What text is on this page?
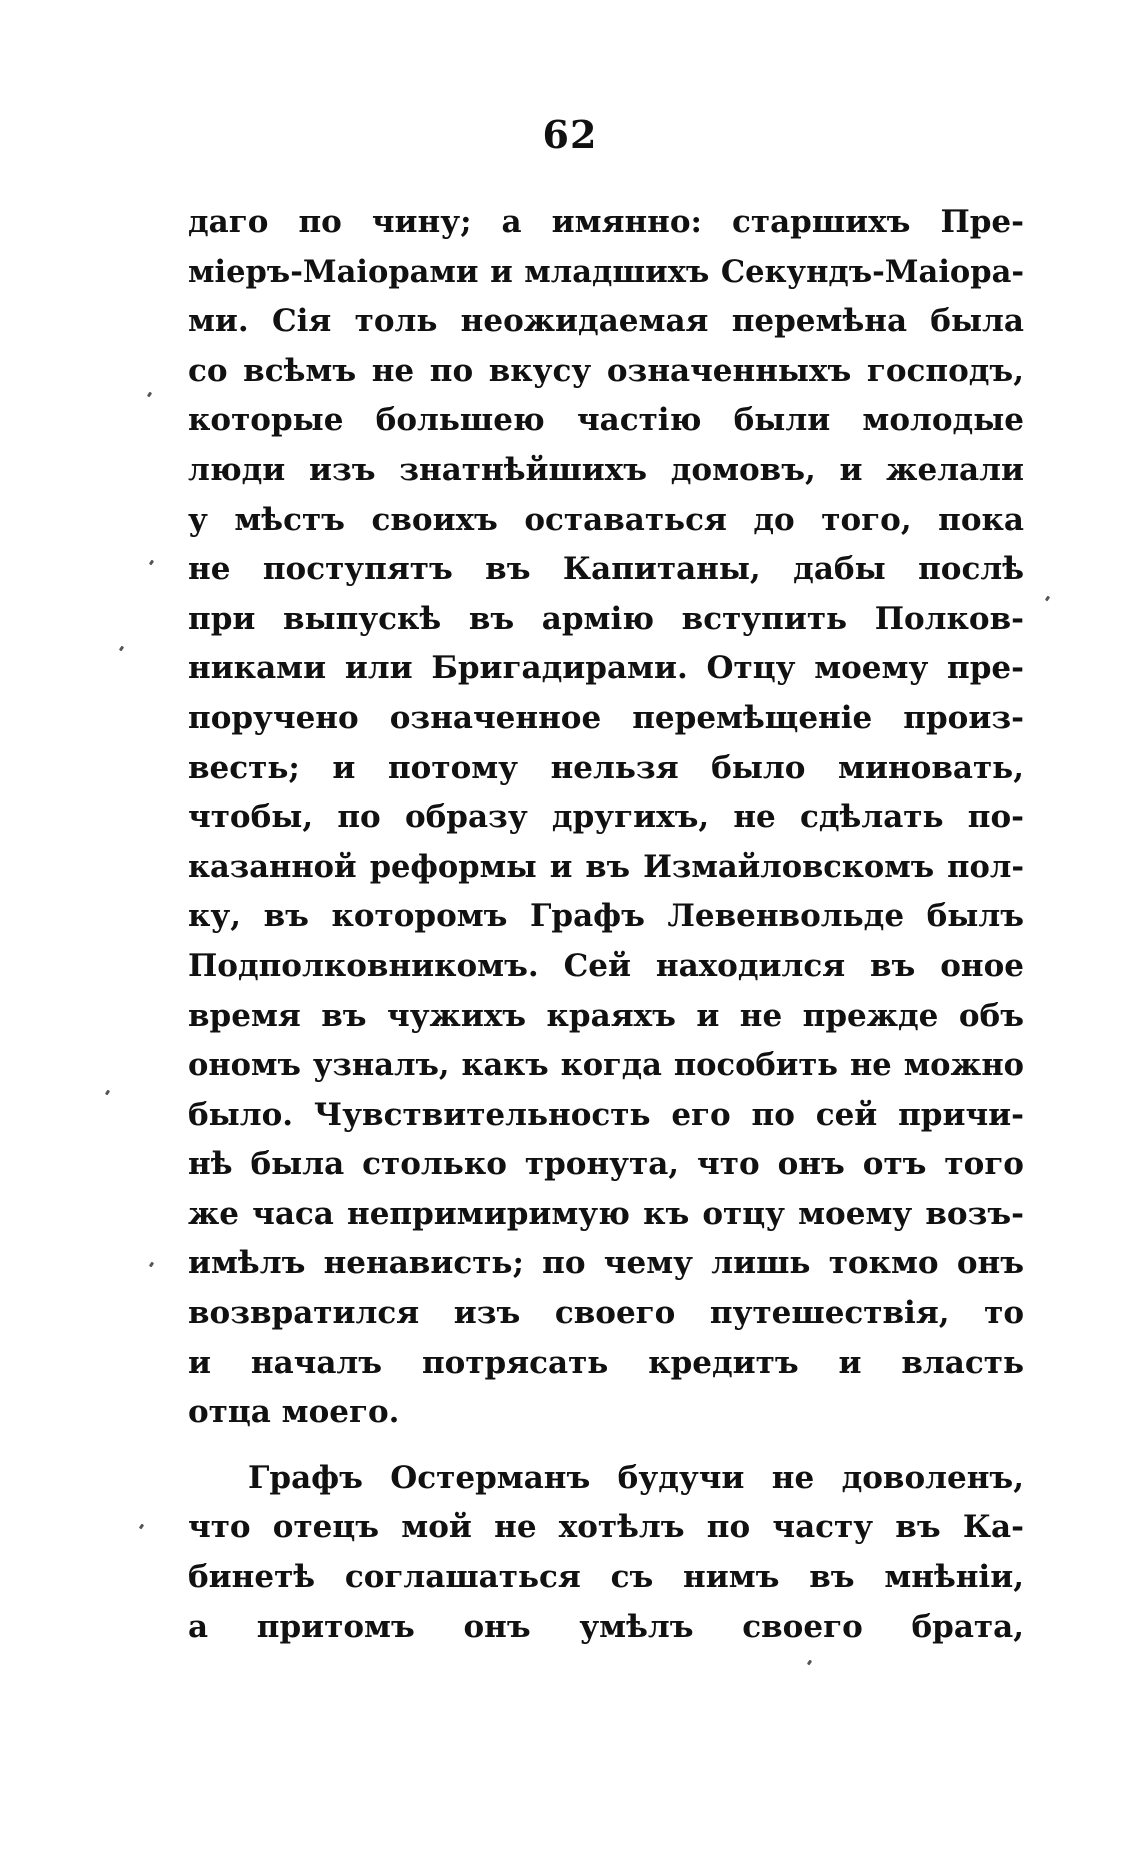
62
даго по чину; а имянно: старшихъ Пре-
міеръ-Маіорами и младшихъ Секундъ-Маіора-
ми. Сія толь неожидаемая перемѣна была
со всѣмъ не по вкусу означенныхъ господъ,
которые большею частію были молодые
люди изъ знатнѣйшихъ домовъ, и желали
у мѣстъ своихъ оставаться до того, пока
не поступятъ въ Капитаны, дабы послѣ
при выпускѣ въ армію вступить Полков-
никами или Бригадирами. Отцу моему пре-
поручено означенное перемѣщеніе произ-
весть; и потому нельзя было миновать,
чтобы, по образу другихъ, не сдѣлать по-
казанной реформы и въ Измайловскомъ пол-
ку, въ которомъ Графъ Левенвольде былъ
Подполковникомъ. Сей находился въ оное
время въ чужихъ краяхъ и не прежде объ
ономъ узналъ, какъ когда пособить не можно
было. Чувствительность его по сей причи-
нѣ была столько тронута, что онъ отъ того
же часа непримиримую къ отцу моему возъ-
имѣлъ ненависть; по чему лишь токмо онъ
возвратился изъ своего путешествія, то
и началъ потрясать кредитъ и власть
отца моего.
Графъ Остерманъ будучи не доволенъ,
что отецъ мой не хотѣлъ по часту въ Ка-
бинетѣ соглашаться съ нимъ въ мнѣніи,
а притомъ онъ умѣлъ своего брата,
